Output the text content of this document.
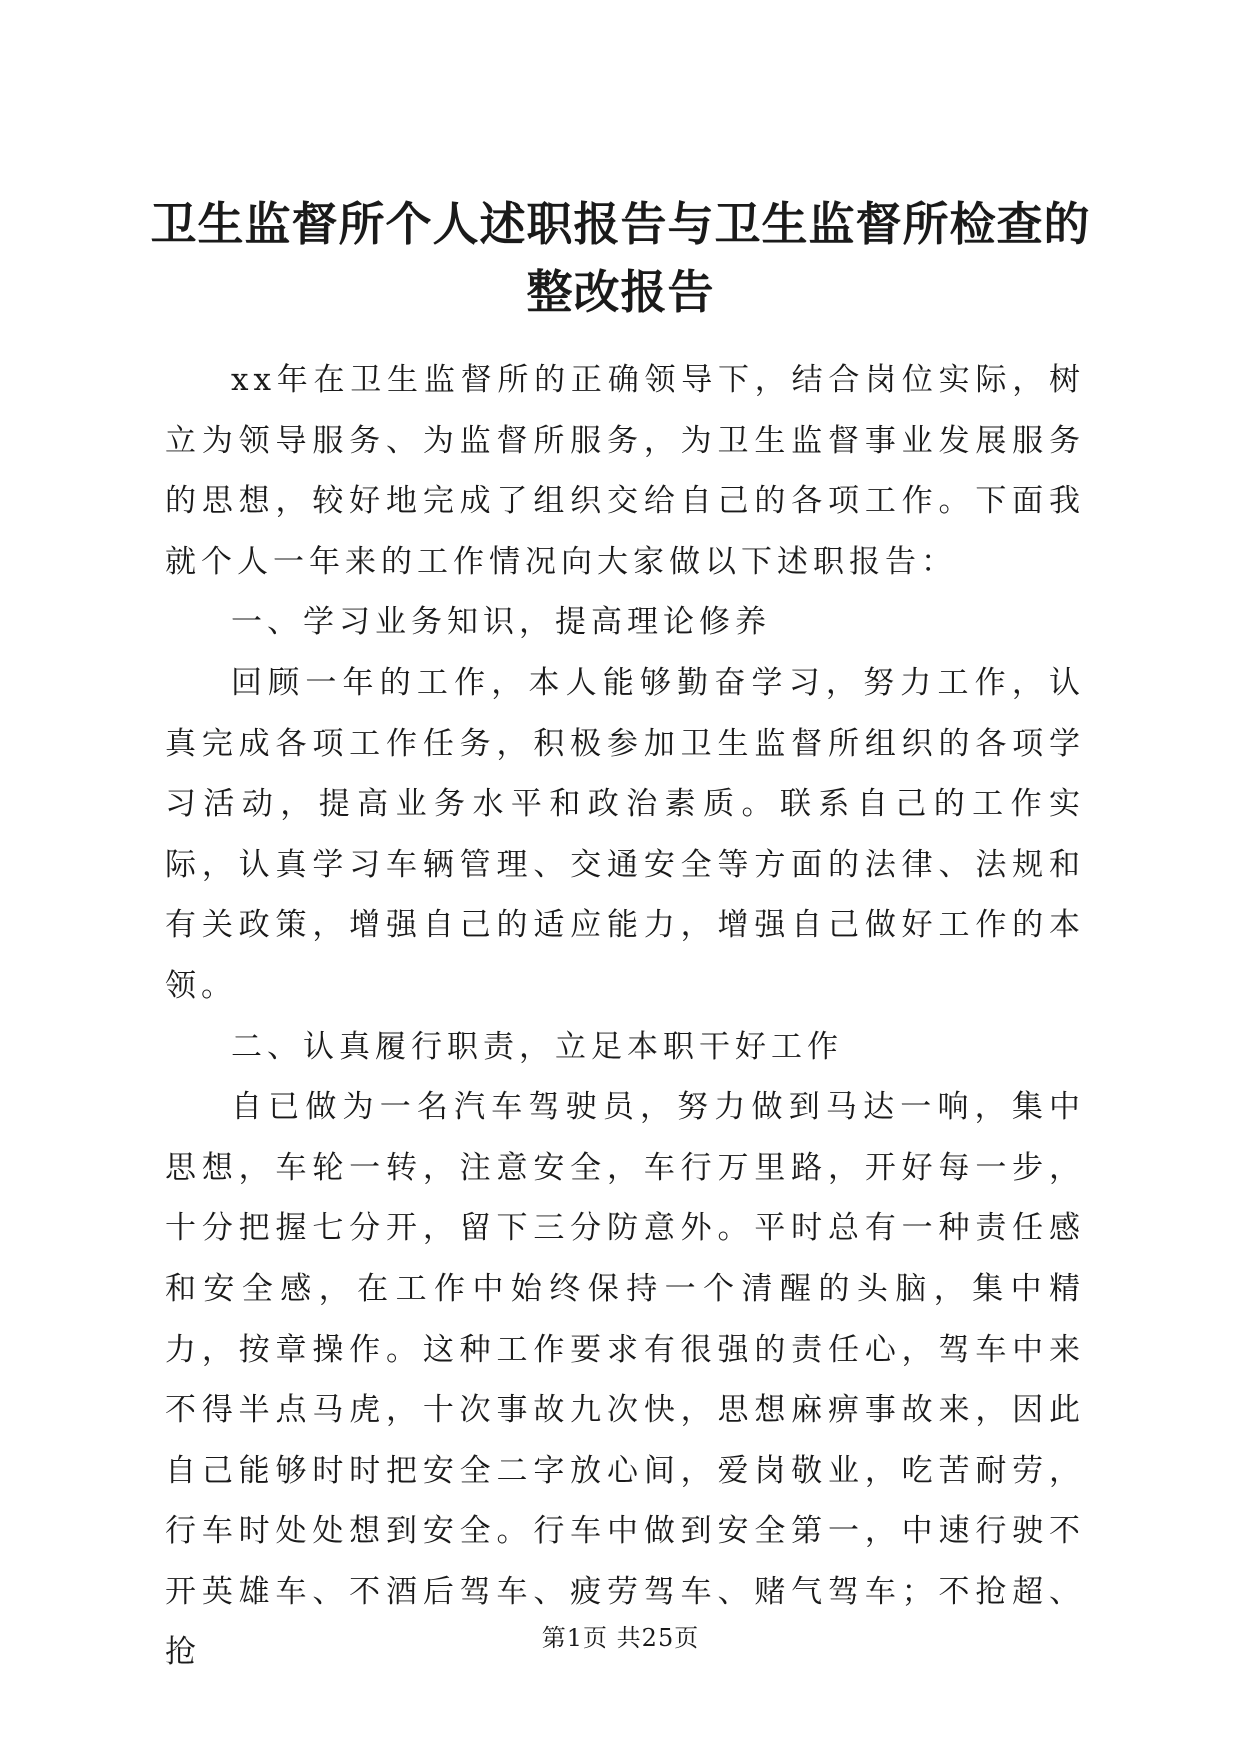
卫生监督所个人述职报告与卫生监督所检查的
整改报告

xx年在卫生监督所的正确领导下，结合岗位实际，树立为领导服务、为监督所服务，为卫生监督事业发展服务的思想，较好地完成了组织交给自己的各项工作。下面我就个人一年来的工作情况向大家做以下述职报告：

一、学习业务知识，提高理论修养

回顾一年的工作，本人能够勤奋学习，努力工作，认真完成各项工作任务，积极参加卫生监督所组织的各项学习活动，提高业务水平和政治素质。联系自己的工作实际，认真学习车辆管理、交通安全等方面的法律、法规和有关政策，增强自己的适应能力，增强自己做好工作的本领。

二、认真履行职责，立足本职干好工作

自已做为一名汽车驾驶员，努力做到马达一响，集中思想，车轮一转，注意安全，车行万里路，开好每一步，十分把握七分开，留下三分防意外。平时总有一种责任感和安全感，在工作中始终保持一个清醒的头脑，集中精力，按章操作。这种工作要求有很强的责任心，驾车中来不得半点马虎，十次事故九次快，思想麻痹事故来，因此自己能够时时把安全二字放心间，爱岗敬业，吃苦耐劳，行车时处处想到安全。行车中做到安全第一，中速行驶不开英雄车、不酒后驾车、疲劳驾车、赌气驾车；不抢超、抢	第1页 共25页
